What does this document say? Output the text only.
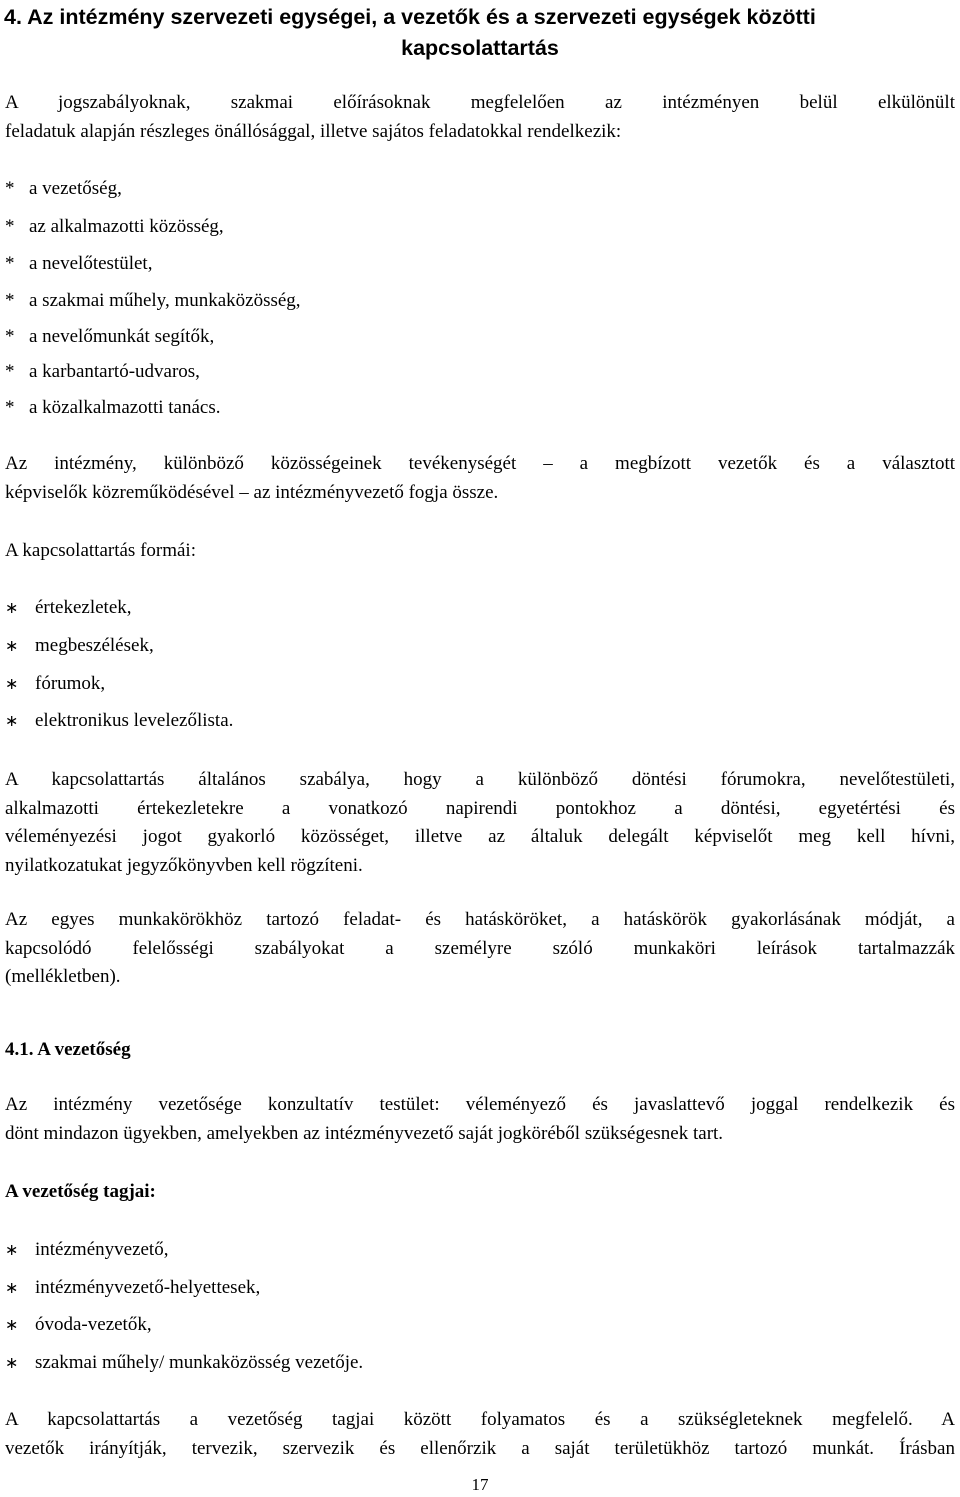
4. Az intézmény szervezeti egységei, a vezetők és a szervezeti egységek közötti
kapcsolattartás
A jogszabályoknak, szakmai előírásoknak megfelelően az intézményen belül elkülönült
feladatuk alapján részleges önállósággal, illetve sajátos feladatokkal rendelkezik:
* a vezetőség,
* az alkalmazotti közösség,
* a nevelőtestület,
* a szakmai műhely, munkaközösség,
* a nevelőmunkát segítők,
* a karbantartó-udvaros,
* a közalkalmazotti tanács.
Az intézmény, különböző közösségeinek tevékenységét – a megbízott vezetők és a választott
képviselők közreműködésével – az intézményvezető fogja össze.
A kapcsolattartás formái:
∗ értekezletek,
∗ megbeszélések,
∗ fórumok,
∗ elektronikus levelezőlista.
A kapcsolattartás általános szabálya, hogy a különböző döntési fórumokra, nevelőtestületi,
alkalmazotti értekezletekre a vonatkozó napirendi pontokhoz a döntési, egyetértési és
véleményezési jogot gyakorló közösséget, illetve az általuk delegált képviselőt meg kell hívni,
nyilatkozatukat jegyzőkönyvben kell rögzíteni.
Az egyes munkakörökhöz tartozó feladat- és hatásköröket, a hatáskörök gyakorlásának módját, a
kapcsolódó felelősségi szabályokat a személyre szóló munkaköri leírások tartalmazzák
(mellékletben).
4.1. A vezetőség
Az intézmény vezetősége konzultatív testület: véleményező és javaslattevő joggal rendelkezik és
dönt mindazon ügyekben, amelyekben az intézményvezető saját jogköréből szükségesnek tart.
A vezetőség tagjai:
∗ intézményvezető,
∗ intézményvezető-helyettesek,
∗ óvoda-vezetők,
∗ szakmai műhely/ munkaközösség vezetője.
A kapcsolattartás a vezetőség tagjai között folyamatos és a szükségleteknek megfelelő. A
vezetők irányítják, tervezik, szervezik és ellenőrzik a saját területükhöz tartozó munkát. Írásban
17
